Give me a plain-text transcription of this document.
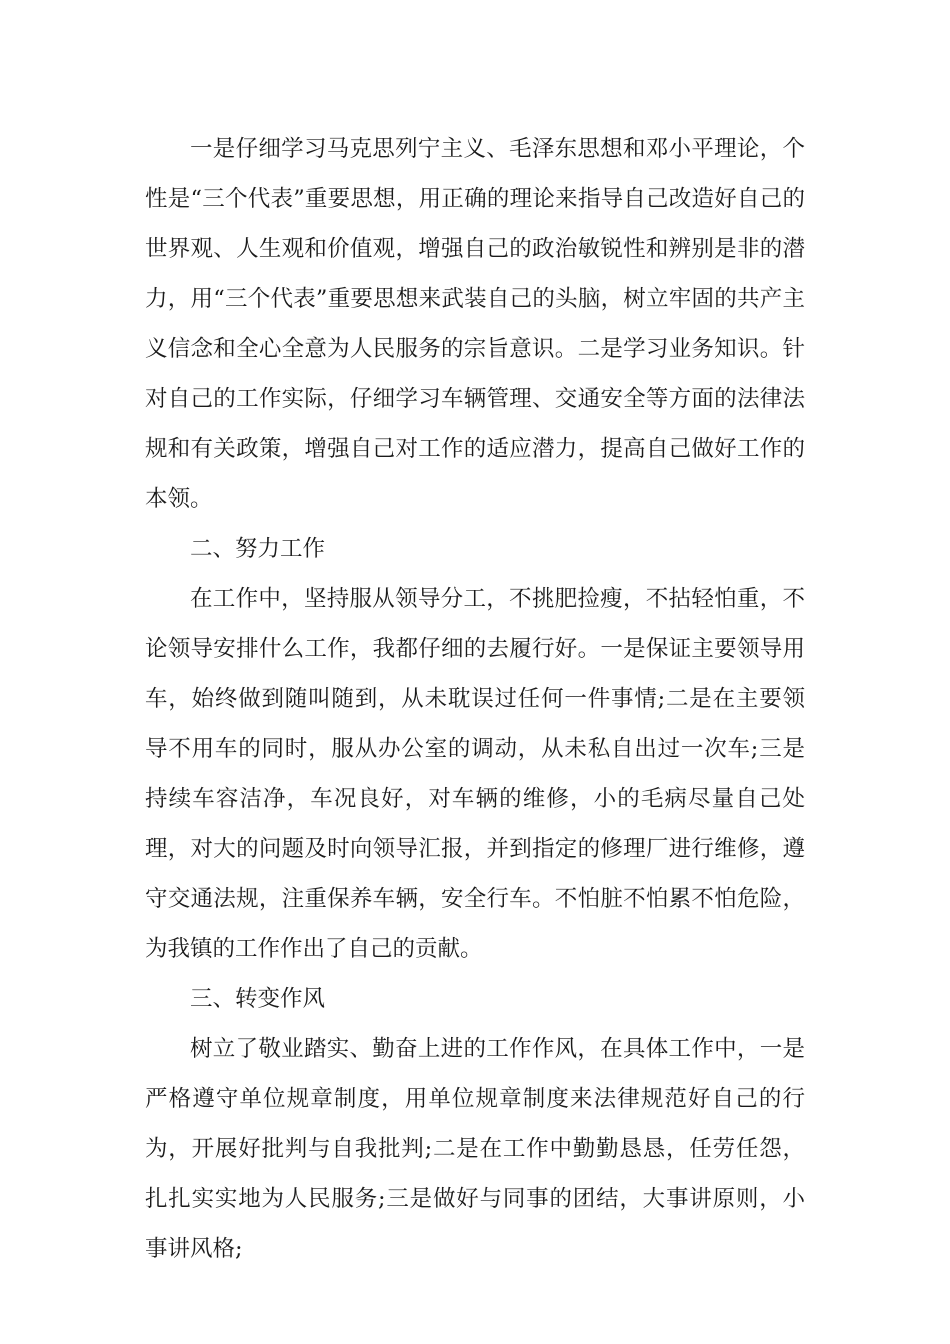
一是仔细学习马克思列宁主义、毛泽东思想和邓小平理论，个性是“三个代表”重要思想，用正确的理论来指导自己改造好自己的世界观、人生观和价值观，增强自己的政治敏锐性和辨别是非的潜力，用“三个代表”重要思想来武装自己的头脑，树立牢固的共产主义信念和全心全意为人民服务的宗旨意识。二是学习业务知识。针对自己的工作实际，仔细学习车辆管理、交通安全等方面的法律法规和有关政策，增强自己对工作的适应潜力，提高自己做好工作的本领。

二、努力工作

在工作中，坚持服从领导分工，不挑肥捡瘦，不拈轻怕重，不论领导安排什么工作，我都仔细的去履行好。一是保证主要领导用车，始终做到随叫随到，从未耽误过任何一件事情;二是在主要领导不用车的同时，服从办公室的调动，从未私自出过一次车;三是持续车容洁净，车况良好，对车辆的维修，小的毛病尽量自己处理，对大的问题及时向领导汇报，并到指定的修理厂进行维修，遵守交通法规，注重保养车辆，安全行车。不怕脏不怕累不怕危险，为我镇的工作作出了自己的贡献。

三、转变作风

树立了敬业踏实、勤奋上进的工作作风，在具体工作中，一是严格遵守单位规章制度，用单位规章制度来法律规范好自己的行为，开展好批判与自我批判;二是在工作中勤勤恳恳，任劳任怨，扎扎实实地为人民服务;三是做好与同事的团结，大事讲原则，小事讲风格;
